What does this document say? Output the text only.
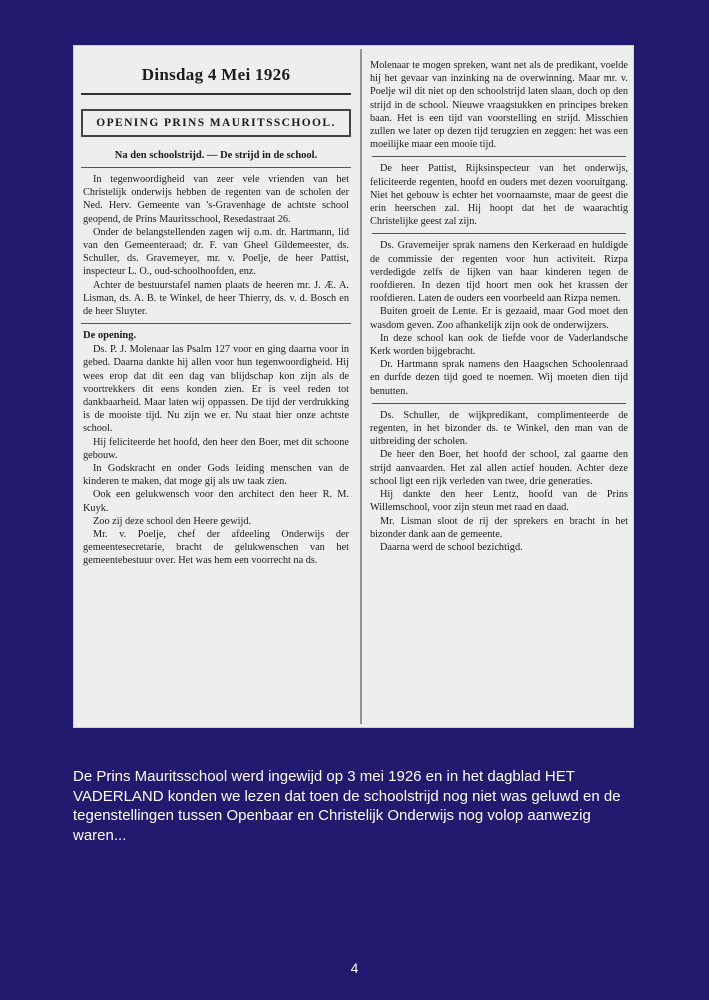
Dinsdag 4 Mei 1926
OPENING PRINS MAURITSSCHOOL.
Na den schoolstrijd. — De strijd in de school.

In tegenwoordigheid van zeer vele vrienden van het Christelijk onderwijs hebben de regenten van de scholen der Ned. Herv. Gemeente van 's-Gravenhage de achtste school geopend, de Prins Mauritsschool, Resedastraat 26.

Onder de belangstellenden zagen wij o.m. dr. Hartmann, lid van den Gemeenteraad; dr. F. van Gheel Gildemeester, ds. Schuller, ds. Gravemeyer, mr. v. Poelje, de heer Pattist, inspecteur L. O., oud-schoolhoofden, enz.

Achter de bestuurstafel namen plaats de heeren mr. J. Æ. A. Lisman, ds. A. B. te Winkel, de heer Thierry, ds. v. d. Bosch en de heer Sluyter.

De opening.

Ds. P. J. Molenaar las Psalm 127 voor en ging daarna voor in gebed. Daarna dankte hij allen voor hun tegenwoordigheid. Hij wees erop dat dit een dag van blijdschap kon zijn als de voortrekkers dit eens konden zien. Er is veel reden tot dankbaarheid. Maar laten wij oppassen. De tijd der verdrukking is de mooiste tijd. Nu zijn we er. Nu staat hier onze achtste school.

Hij feliciteerde het hoofd, den heer den Boer, met dit schoone gebouw.

In Godskracht en onder Gods leiding menschen van de kinderen te maken, dat moge gij als uw taak zien.

Ook een gelukwensch voor den architect den heer R. M. Kuyk.

Zoo zij deze school den Heere gewijd.

Mr. v. Poelje, chef der afdeeling Onderwijs der gemeentesecretarie, bracht de gelukwenschen van het gemeentebestuur over. Het was hem een voorrecht na ds.

Molenaar te mogen spreken, want net als de predikant, voelde hij het gevaar van inzinking na de overwinning. Maar mr. v. Poelje wil dit niet op den schoolstrijd laten slaan, doch op den strijd in de school. Nieuwe vraagstukken en principes breken baan. Het is een tijd van voorstelling en strijd. Misschien zullen we later op dezen tijd terugzien en zeggen: het was een moeilijke maar een mooie tijd.

De heer Pattist, Rijksinspecteur van het onderwijs, feliciteerde regenten, hoofd en ouders met dezen vooruitgang. Niet het gebouw is echter het voornaamste, maar de geest die erin heerschen zal. Hij hoopt dat het de waarachtig Christelijke geest zal zijn.

Ds. Gravemeijer sprak namens den Kerkeraad en huldigde de commissie der regenten voor hun activiteit. Rizpa verdedigde zelfs de lijken van haar kinderen tegen de roofdieren. In dezen tijd hoort men ook het krassen der roofdieren. Laten de ouders een voorbeeld aan Rizpa nemen.

Buiten groeit de Lente. Er is gezaaid, maar God moet den wasdom geven. Zoo afhankelijk zijn ook de onderwijzers.

In deze school kan ook de liefde voor de Vaderlandsche Kerk worden bijgebracht.

Dr. Hartmann sprak namens den Haagschen Schoolenraad en durfde dezen tijd goed te noemen. Wij moeten dien tijd benutten.

Ds. Schuller, de wijkpredikant, complimenteerde de regenten, in het bizonder ds. te Winkel, den man van de uitbreiding der scholen.

De heer den Boer, het hoofd der school, zal gaarne den strijd aanvaarden. Het zal allen actief houden. Achter deze school ligt een rijk verleden van twee, drie generaties.

Hij dankte den heer Lentz, hoofd van de Prins Willemschool, voor zijn steun met raad en daad.

Mr. Lisman sloot de rij der sprekers en bracht in het bizonder dank aan de gemeente.

Daarna werd de school bezichtigd.

De Prins Mauritsschool werd ingewijd op 3 mei 1926 en in het dagblad HET VADERLAND konden we lezen dat toen de schoolstrijd nog niet was geluwd en de tegenstellingen tussen Openbaar en Christelijk Onderwijs nog volop aanwezig waren...
4
